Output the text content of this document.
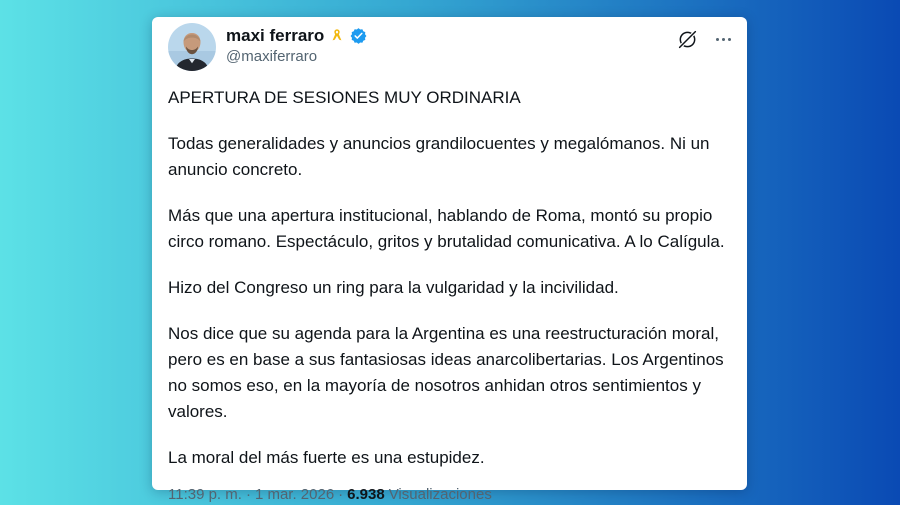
maxi ferraro
@maxiferraro

APERTURA DE SESIONES MUY ORDINARIA

Todas generalidades y anuncios grandilocuentes y megalómanos. Ni un anuncio concreto.

Más que una apertura institucional, hablando de Roma, montó su propio circo romano. Espectáculo, gritos y brutalidad comunicativa. A lo Calígula.

Hizo del Congreso un ring para la vulgaridad y la incivilidad.

Nos dice que su agenda para la Argentina es una reestructuración moral, pero es en base a sus fantasiosas ideas anarcolibertarias. Los Argentinos no somos eso, en la mayoría de nosotros anhidan otros sentimientos y valores.

La moral del más fuerte es una estupidez.

11:39 p. m. · 1 mar. 2026 · 6.938 Visualizaciones
